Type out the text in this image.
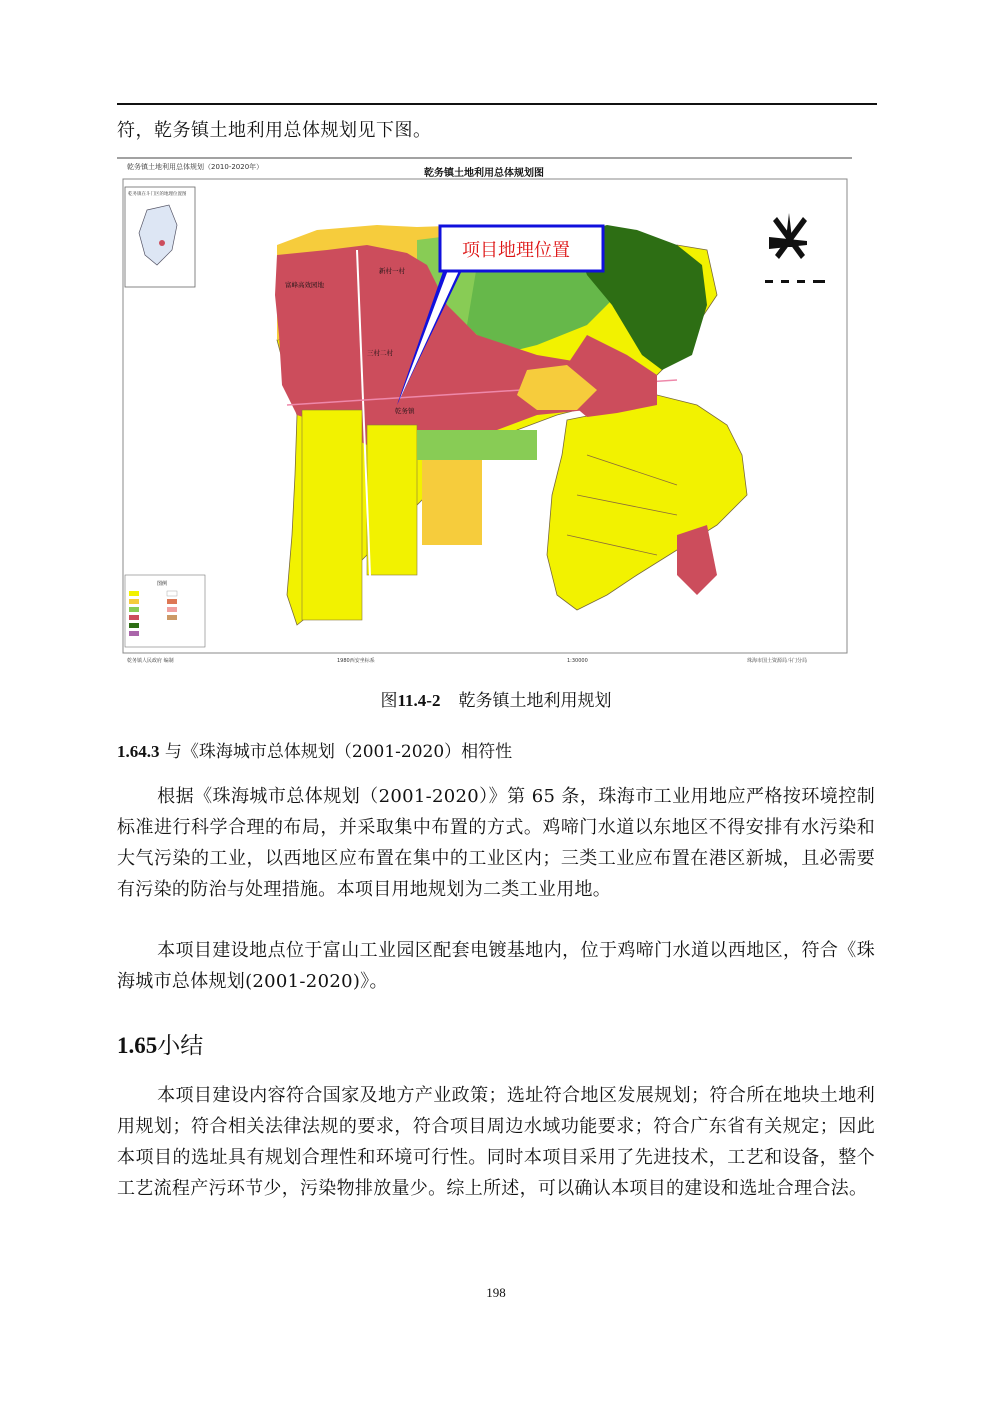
符，乾务镇土地利用总体规划见下图。
乾务镇土地利用总体规划（2010-2020年）
乾务镇土地利用总体规划图
乾务镇在斗门区的地理位置图
富峰高效园地
新村一村
三村二村
乾务镇
项目地理位置
图例
乾务镇人民政府 编制	1980西安坐标系	1:30000	珠海市国土资源局斗门分局
图11.4-2 乾务镇土地利用规划
1.64.3 与《珠海城市总体规划（2001-2020）相符性
根据《珠海城市总体规划（2001-2020）》第 65 条，珠海市工业用地应严格按环境控制标准进行科学合理的布局，并采取集中布置的方式。鸡啼门水道以东地区不得安排有水污染和大气污染的工业，以西地区应布置在集中的工业区内；三类工业应布置在港区新城，且必需要有污染的防治与处理措施。本项目用地规划为二类工业用地。
本项目建设地点位于富山工业园区配套电镀基地内，位于鸡啼门水道以西地区，符合《珠海城市总体规划(2001-2020)》。
1.65小结
本项目建设内容符合国家及地方产业政策；选址符合地区发展规划；符合所在地块土地利用规划；符合相关法律法规的要求，符合项目周边水域功能要求；符合广东省有关规定；因此本项目的选址具有规划合理性和环境可行性。同时本项目采用了先进技术，工艺和设备，整个工艺流程产污环节少，污染物排放量少。综上所述，可以确认本项目的建设和选址合理合法。
198
